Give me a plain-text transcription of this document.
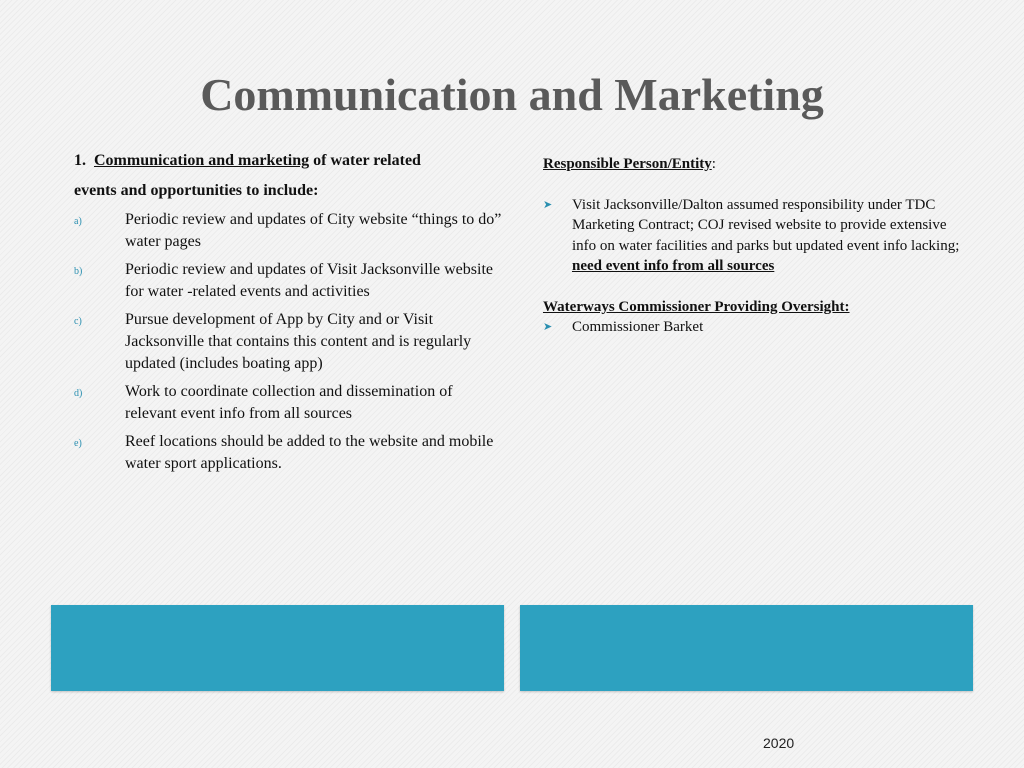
Communication and Marketing
1. Communication and marketing of water related
events and opportunities to include:
a)	Periodic review and updates of City website “things to do” water pages
b)	Periodic review and updates of Visit Jacksonville website for water -related events and activities
c)	Pursue development of App by City and or Visit Jacksonville that contains this content and is regularly updated (includes boating app)
d)	Work to coordinate collection and dissemination of relevant event info from all sources
e)	Reef locations should be added to the website and mobile water sport applications.
Responsible Person/Entity:
➤ Visit Jacksonville/Dalton assumed responsibility under TDC Marketing Contract; COJ revised website to provide extensive info on water facilities and parks but updated event info lacking; need event info from all sources
Waterways Commissioner Providing Oversight:
➤ Commissioner Barket
2020
